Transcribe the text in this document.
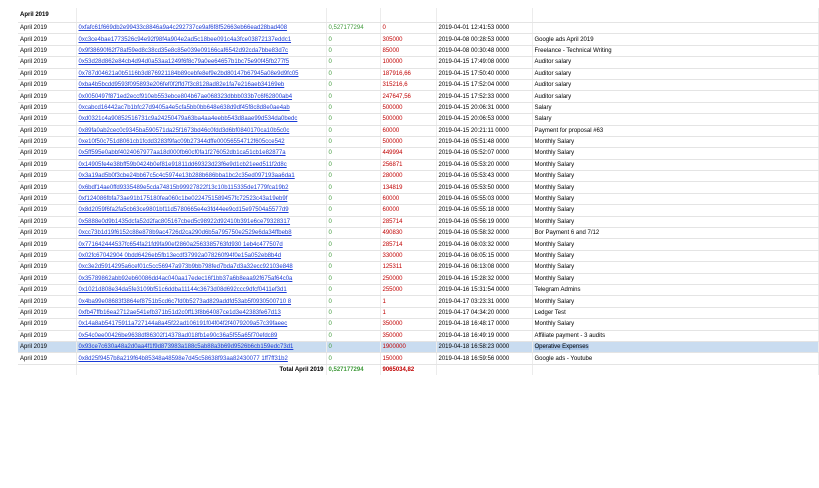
April 2019					
April 2019	0xfafc61f669db2e99433c8846a9a4c292737ce9af6f8f52663eb66ead28bad408	0,527177294	0	2019-04-01 12:41:53 0000	
April 2019	0xc3ce4bae1773526c94e92f98f4a904e2ad5c18bee091c4a3fce03872137eddc1	0	305000	2019-04-08 00:28:53 0000	Google ads April 2019
April 2019	0x9f38690f62f78af59ed8c38cd35e8c85e039e09166caf6542d92cda7bbe83d7c	0	85000	2019-04-08 00:30:48 0000	Freelance - Technical Writing
April 2019	0x53d28d862e84cb4d94d0a53aa1249f6f8c79a0ee64657b1bc75e90f45fb277f5	0	100000	2019-04-15 17:49:08 0000	Auditor salary
April 2019	0x787d04621a0b5116b3d876921184b89cebfe8ef9e2bd80147b67945a08e9d9fc05	0	187916,66	2019-04-15 17:50:40 0000	Auditor salary
April 2019	0xba4b5bcdd9593f095893e206fef0f2ffd7f3c8128ad82e1fa7e216aeb34169eb	0	315216,6	2019-04-15 17:52:04 0000	Auditor salary
April 2019	0x0050497f871ed2eccf910eb553ebce804b67ae068323dbbb033b7c6f62800ab4	0	247647,56	2019-04-15 17:52:33 0000	Auditor salary
April 2019	0xcabcd16442ac7b1bfc27d9405a4e5cfa5bb0bb648e638d9df45f8c8d8e0ae4ab	0	500000	2019-04-15 20:06:31 0000	Salary
April 2019	0xd0321c4a90852516731c9a24250479a63ba4aa4eebb543d8aae99d534da0bedc	0	500000	2019-04-15 20:06:53 0000	Salary
April 2019	0x89fa0ab2cec0c9345ba590571da25f1673bd46c0fdd3d6bf0840170ca10b5c0c	0	60000	2019-04-15 20:21:11 0000	Payment for proposal #63
April 2019	0xe10f50c751d8061cb1fcdd3283f9fac09b27344dffe00056554712f605cce542	0	500000	2019-04-16 05:51:48 0000	Monthly Salary
April 2019	0x5ff595e0abbf4024067977aa18d000fb60cf0fa1f276052db1ca51cb1e82877a	0	449994	2019-04-16 05:52:07 0000	Monthly Salary
April 2019	0x14905fe4e38bff59b0424b0ef81e91811dd69323d23f6e9d1cb21eed511f2d8c	0	256871	2019-04-16 05:53:20 0000	Monthly Salary
April 2019	0x3a19ad5b0f3cbe24bb67c5c4c5974e13b288b686bba1bc2c35ed097193aa6da1	0	280000	2019-04-16 05:53:43 0000	Monthly Salary
April 2019	0x6bdf14ae0ffd9335489e5cda74815b99927822f13c10b115335de1779fca19b2	0	134819	2019-04-16 05:53:50 0000	Monthly Salary
April 2019	0xf124086fbfa73ae91b175180fea060c1be0224751589457fc72523c43a19eb9f	0	60000	2019-04-16 05:55:03 0000	Monthly Salary
April 2019	0x8d2059f6fa2fa5cb63ce9801bf11d5780665e4e3fd44ee9cd15e97504a5577d9	0	60000	2019-04-16 05:55:18 0000	Monthly Salary
April 2019	0x5888e0d9b1435dcfa52d2fac805167cbed5c98922d92410b391e6ce79328317	0	285714	2019-04-16 05:56:19 0000	Monthly Salary
April 2019	0xcc73b1d19f6152c88e878b9ac4726d2ca290d6b5a795750e2529e6da34ffbeb8	0	490830	2019-04-16 05:58:32 0000	Bor Payment 6 and 7/12
April 2019	0x771642444537fc654fa21fd9fa90ef2860a2563385763fd930 1eb4c477507d	0	285714	2019-04-16 06:03:32 0000	Monthly Salary
April 2019	0x02fc67042904 0bdd6426eb5fb13ecdf37992a078260f94f0e15a052eb8b4d	0	330000	2019-04-16 06:05:15 0000	Monthly Salary
April 2019	0xc3e2d5914295a6cef01c5cc56947a973b9bb798fed7bda7d3a32ecc92103e848	0	125311	2019-04-16 06:13:08 0000	Monthly Salary
April 2019	0x35789862abb92eb60086dd4ac040aa17edec16f1bb37a6b8eaa92f675af64c0a	0	250000	2019-04-16 15:28:32 0000	Monthly Salary
April 2019	0x1021d808e34da5fe3109bf51c6ddba11144c3673d08d692ccc9dfcf0411ef3d1	0	255000	2019-04-16 15:31:54 0000	Telegram Admins
April 2019	0x4ba99e08683f3864ef8751b5cd6c7fd0b5273ad829addfd53ab5f0930500710 8	0	1	2019-04-17 03:23:31 0000	Monthly Salary
April 2019	0xfb47ffb16ea2712ae541efb371b51d2c0ff13f8b64087ce1d3e42383fe67d13	0	1	2019-04-17 04:34:20 0000	Ledger Test
April 2019	0x14a8ab54175911a727144a8a45f22ad106191f04f04f2f4079209a57c39faeec	0	350000	2019-04-18 16:48:17 0000	Monthly Salary
April 2019	0x54c0ee00426be9638df86302f14378ad018fb1e90c36a5f55a65f70efdc89	0	350000	2019-04-18 16:49:19 0000	Affiliate payment - 3 audits
April 2019	0x93ce7c630a48a2d0aa4f1f9d873983a188c5ab88a3b69d9526b6cb159edc73d1	0	1900000	2019-04-18 16:58:23 0000	Operative Expenses
April 2019	0x8d25f9457b8a219f64b85348a48598e7d45c58638f93aa82430077 1ff7ff31b2	0	150000	2019-04-18 16:59:56 0000	Google ads - Youtube
	Total April 2019	0,527177294	9065034,82		
